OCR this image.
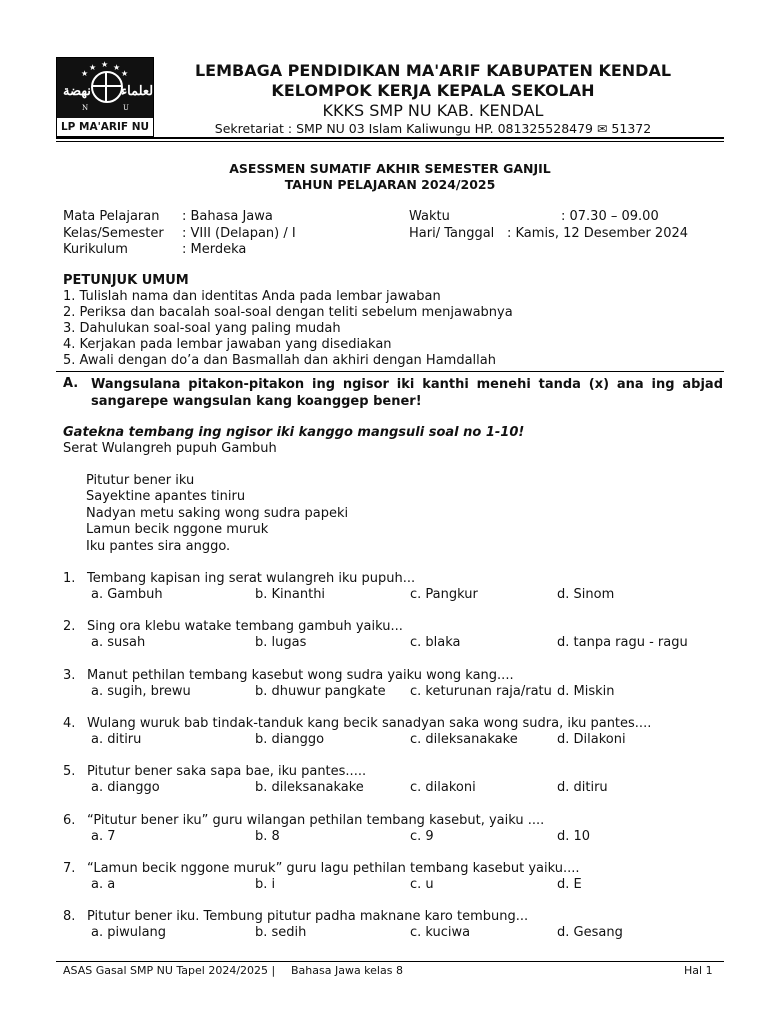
★
★ ★
★	★
نهضة العلماء
N	U
LP MA'ARIF NU
LEMBAGA PENDIDIKAN MA'ARIF KABUPATEN KENDAL
KELOMPOK KERJA KEPALA SEKOLAH
KKKS SMP NU KAB. KENDAL
Sekretariat : SMP NU 03 Islam Kaliwungu HP. 081325528479 ✉ 51372
ASESSMEN SUMATIF AKHIR SEMESTER GANJIL
TAHUN PELAJARAN 2024/2025
Mata Pelajaran : Bahasa Jawa
Kelas/Semester : VIII (Delapan) / I
Kurikulum	: Merdeka
Waktu	: 07.30 – 09.00
Hari/ Tanggal : Kamis, 12 Desember 2024
PETUNJUK UMUM
1. Tulislah nama dan identitas Anda pada lembar jawaban
2. Periksa dan bacalah soal-soal dengan teliti sebelum menjawabnya
3. Dahulukan soal-soal yang paling mudah
4. Kerjakan pada lembar jawaban yang disediakan
5. Awali dengan do’a dan Basmallah dan akhiri dengan Hamdallah
A. Wangsulana pitakon-pitakon ing ngisor iki kanthi menehi tanda (x) ana ing abjad sangarepe wangsulan kang koanggep bener!
Gatekna tembang ing ngisor iki kanggo mangsuli soal no 1-10!
Serat Wulangreh pupuh Gambuh
Pitutur bener iku
Sayektine apantes tiniru
Nadyan metu saking wong sudra papeki
Lamun becik nggone muruk
Iku pantes sira anggo.
1. Tembang kapisan ing serat wulangreh iku pupuh...
a. Gambuh	b. Kinanthi	c. Pangkur	d. Sinom
2. Sing ora klebu watake tembang gambuh yaiku...
a. susah	b. lugas	c. blaka	d. tanpa ragu - ragu
3. Manut pethilan tembang kasebut wong sudra yaiku wong kang....
a. sugih, brewu	b. dhuwur pangkate c. keturunan raja/ratu d. Miskin
4. Wulang wuruk bab tindak-tanduk kang becik sanadyan saka wong sudra, iku pantes....
a. ditiru	b. dianggo	c. dileksanakake	d. Dilakoni
5. Pitutur bener saka sapa bae, iku pantes.....
a. dianggo	b. dileksanakake	c. dilakoni	d. ditiru
6. “Pitutur bener iku” guru wilangan pethilan tembang kasebut, yaiku ....
a. 7	b. 8	c. 9	d. 10
7. “Lamun becik nggone muruk” guru lagu pethilan tembang kasebut yaiku....
a. a	b. i	c. u	d. E
8. Pitutur bener iku. Tembung pitutur padha maknane karo tembung...
a. piwulang	b. sedih	c. kuciwa	d. Gesang
ASAS Gasal SMP NU Tapel 2024/2025 | Bahasa Jawa kelas 8	Hal 1
